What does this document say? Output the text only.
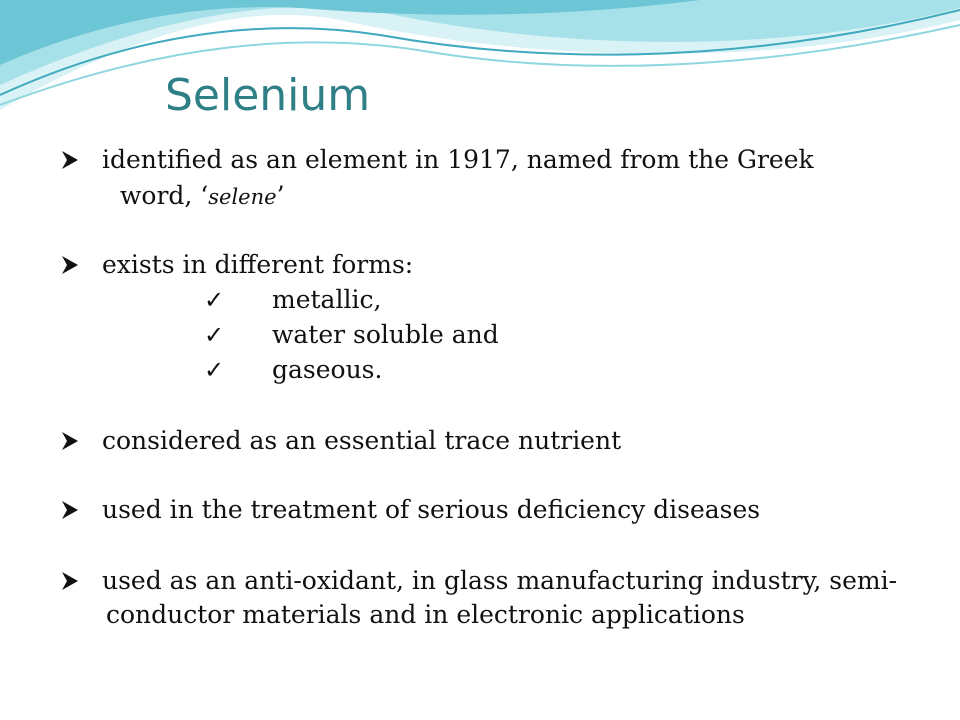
Selenium
identified as an element in 1917, named from the Greek
word, ‘selene’
exists in different forms:
✓ metallic,
✓ water soluble and
✓ gaseous.
considered as an essential trace nutrient
used in the treatment of serious deficiency diseases
used as an anti-oxidant, in glass manufacturing industry, semi-
conductor materials and in electronic applications
